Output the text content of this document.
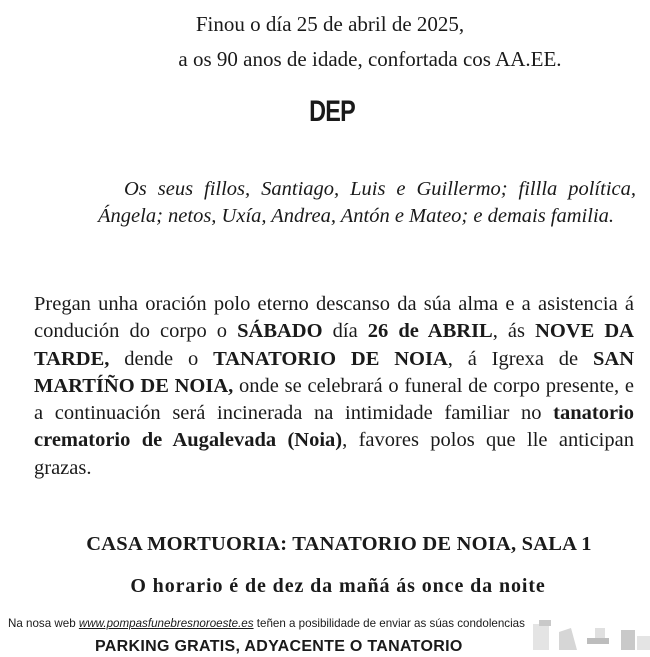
Finou o día 25 de abril de 2025,
a os 90 anos de idade, confortada cos AA.EE.
DEP
Os seus fillos, Santiago, Luis e Guillermo; fillla política, Ángela; netos, Uxía, Andrea, Antón e Mateo; e demais familia.
Pregan unha oración polo eterno descanso da súa alma e a asistencia á condución do corpo o SÁBADO día 26 de ABRIL, ás NOVE DA TARDE, dende o TANATORIO DE NOIA, á Igrexa de SAN MARTÍÑO DE NOIA, onde se celebrará o funeral de corpo presente, e a continuación será incinerada na intimidade familiar no tanatorio crematorio de Augalevada (Noia), favores polos que lle anticipan grazas.
CASA MORTUORIA: TANATORIO DE NOIA, SALA 1
O horario é de dez da mañá ás once da noite
Na nosa web www.pompasfunebresnoroeste.es teñen a posibilidade de enviar as súas condolencias
PARKING GRATIS, ADYACENTE O TANATORIO
